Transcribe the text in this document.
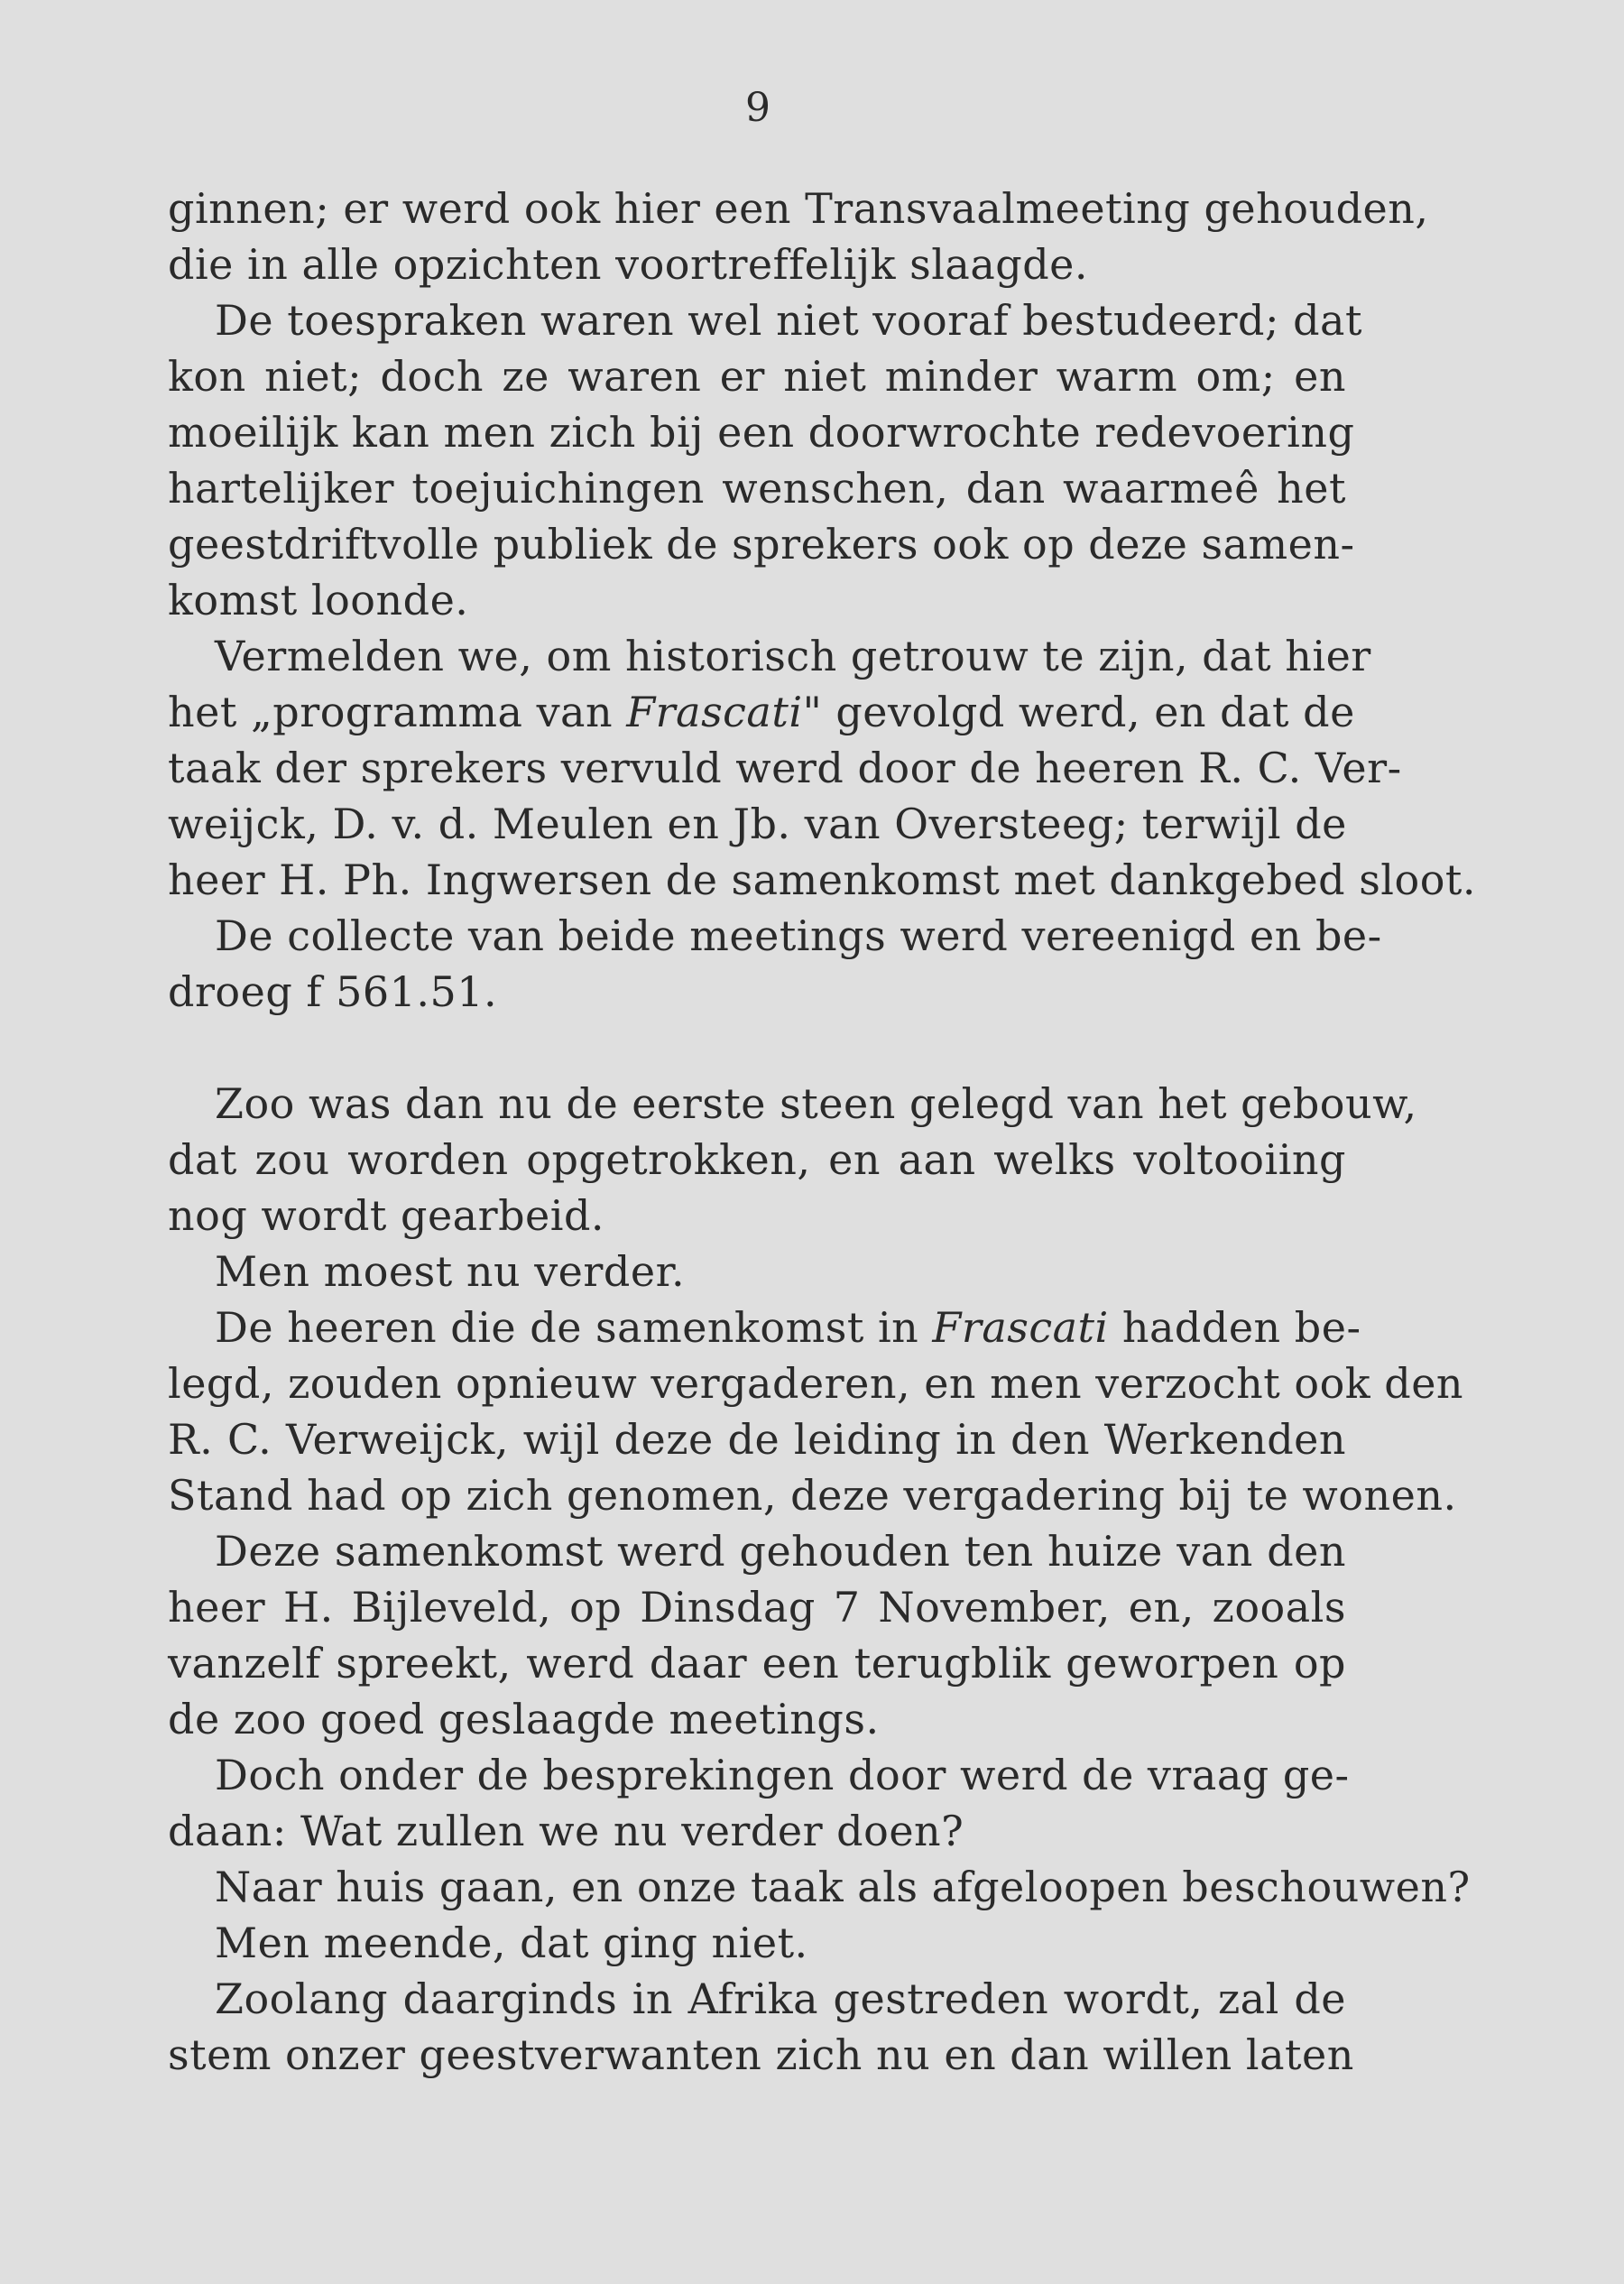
9
ginnen; er werd ook hier een Transvaalmeeting gehouden,
die in alle opzichten voortreffelijk slaagde.
De toespraken waren wel niet vooraf bestudeerd; dat
kon niet; doch ze waren er niet minder warm om; en
moeilijk kan men zich bij een doorwrochte redevoering
hartelijker toejuichingen wenschen, dan waarmeê het
geestdriftvolle publiek de sprekers ook op deze samen-
komst loonde.
Vermelden we, om historisch getrouw te zijn, dat hier
het „programma van Frascati" gevolgd werd, en dat de
taak der sprekers vervuld werd door de heeren R. C. Ver-
weijck, D. v. d. Meulen en Jb. van Oversteeg; terwijl de
heer H. Ph. Ingwersen de samenkomst met dankgebed sloot.
De collecte van beide meetings werd vereenigd en be-
droeg f 561.51.
Zoo was dan nu de eerste steen gelegd van het gebouw,
dat zou worden opgetrokken, en aan welks voltooiing
nog wordt gearbeid.
Men moest nu verder.
De heeren die de samenkomst in Frascati hadden be-
legd, zouden opnieuw vergaderen, en men verzocht ook den
R. C. Verweijck, wijl deze de leiding in den Werkenden
Stand had op zich genomen, deze vergadering bij te wonen.
Deze samenkomst werd gehouden ten huize van den
heer H. Bijleveld, op Dinsdag 7 November, en, zooals
vanzelf spreekt, werd daar een terugblik geworpen op
de zoo goed geslaagde meetings.
Doch onder de besprekingen door werd de vraag ge-
daan: Wat zullen we nu verder doen?
Naar huis gaan, en onze taak als afgeloopen beschouwen?
Men meende, dat ging niet.
Zoolang daarginds in Afrika gestreden wordt, zal de
stem onzer geestverwanten zich nu en dan willen laten
